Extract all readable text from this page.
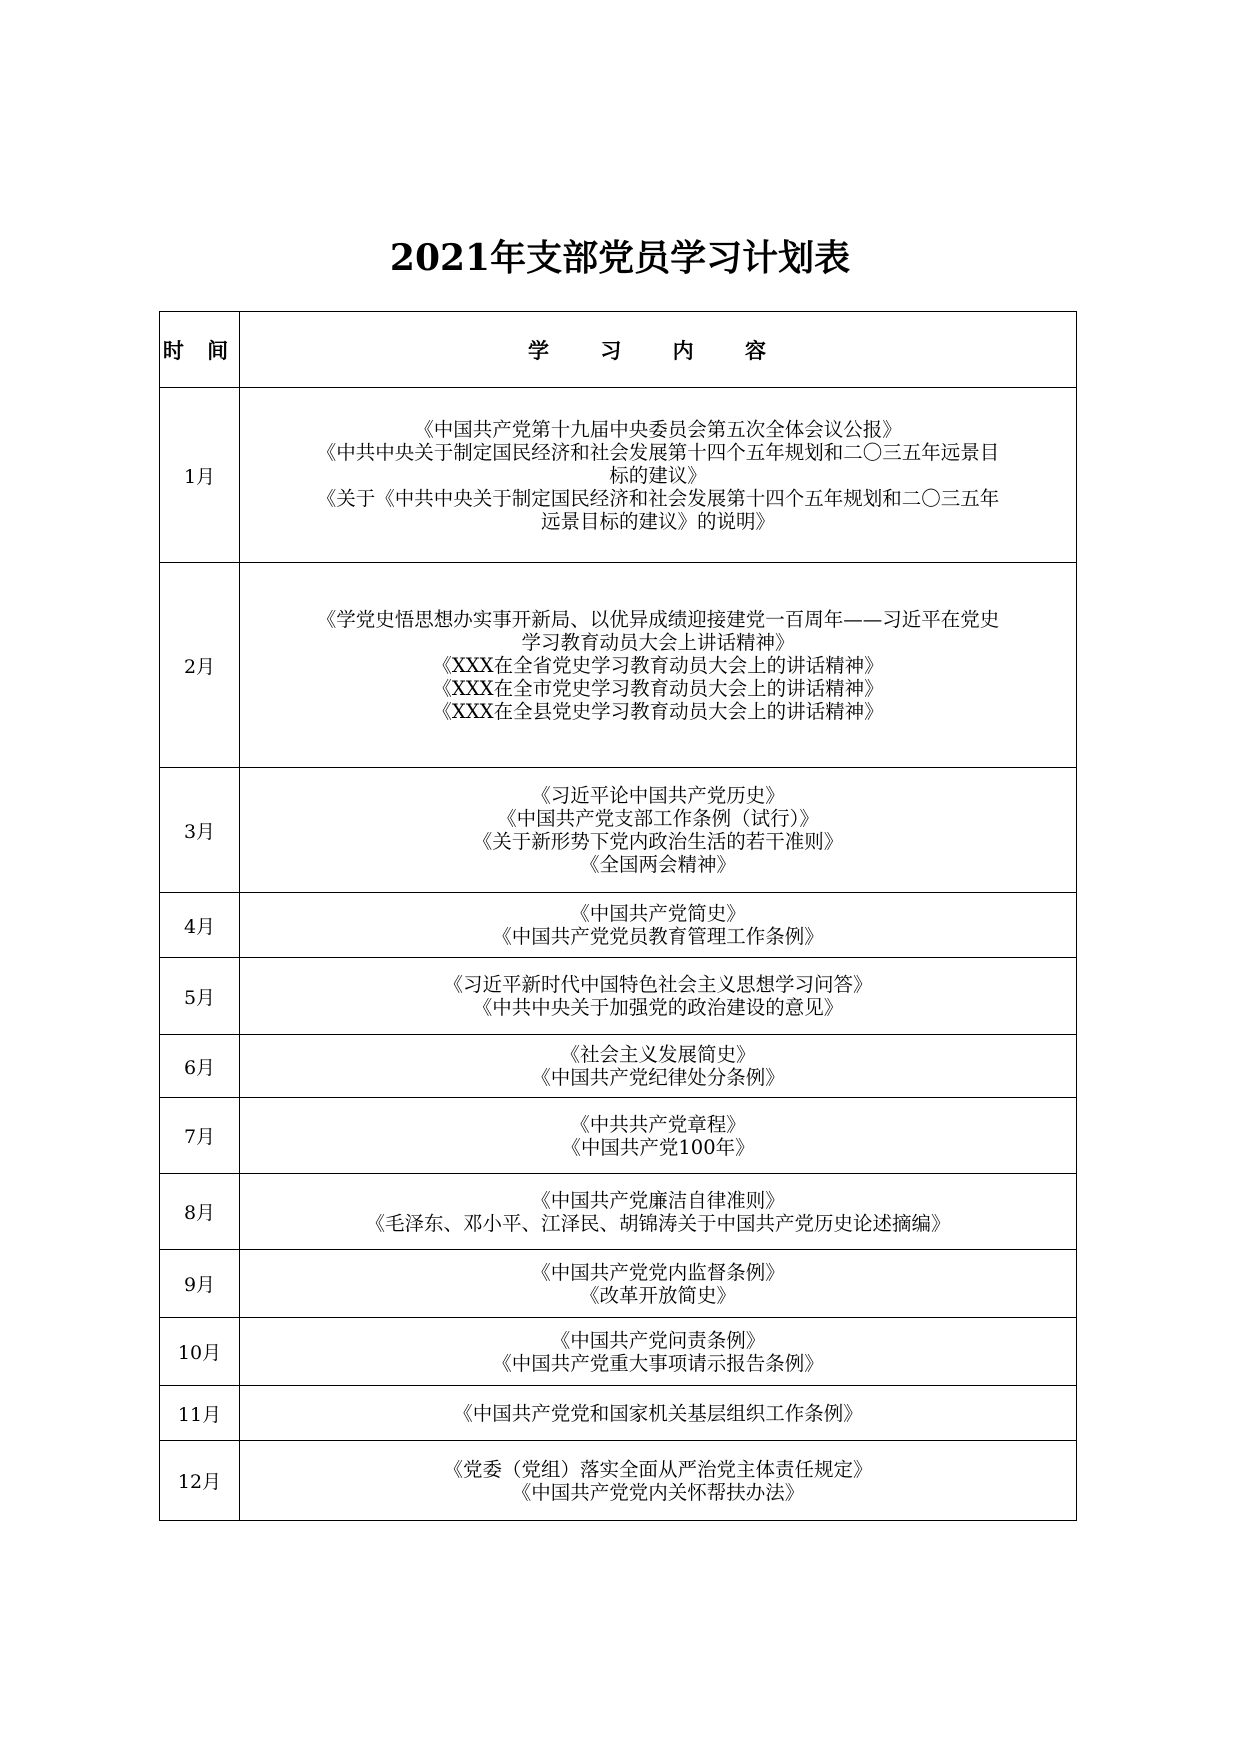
2021年支部党员学习计划表
时 间	学 习 内 容
1月	《中国共产党第十九届中央委员会第五次全体会议公报》
《中共中央关于制定国民经济和社会发展第十四个五年规划和二〇三五年远景目
标的建议》
《关于《中共中央关于制定国民经济和社会发展第十四个五年规划和二〇三五年
远景目标的建议》的说明》

2月	《学党史悟思想办实事开新局、以优异成绩迎接建党一百周年——习近平在党史
学习教育动员大会上讲话精神》
《XXX在全省党史学习教育动员大会上的讲话精神》
《XXX在全市党史学习教育动员大会上的讲话精神》
《XXX在全县党史学习教育动员大会上的讲话精神》

3月	《习近平论中国共产党历史》
《中国共产党支部工作条例（试行）》
《关于新形势下党内政治生活的若干准则》
《全国两会精神》

4月	《中国共产党简史》
《中国共产党党员教育管理工作条例》

5月	《习近平新时代中国特色社会主义思想学习问答》
《中共中央关于加强党的政治建设的意见》

6月	《社会主义发展简史》
《中国共产党纪律处分条例》

7月	《中共共产党章程》
《中国共产党100年》

8月	《中国共产党廉洁自律准则》
《毛泽东、邓小平、江泽民、胡锦涛关于中国共产党历史论述摘编》

9月	《中国共产党党内监督条例》
《改革开放简史》

10月	《中国共产党问责条例》
《中国共产党重大事项请示报告条例》

11月	《中国共产党党和国家机关基层组织工作条例》

12月	《党委（党组）落实全面从严治党主体责任规定》
《中国共产党党内关怀帮扶办法》
